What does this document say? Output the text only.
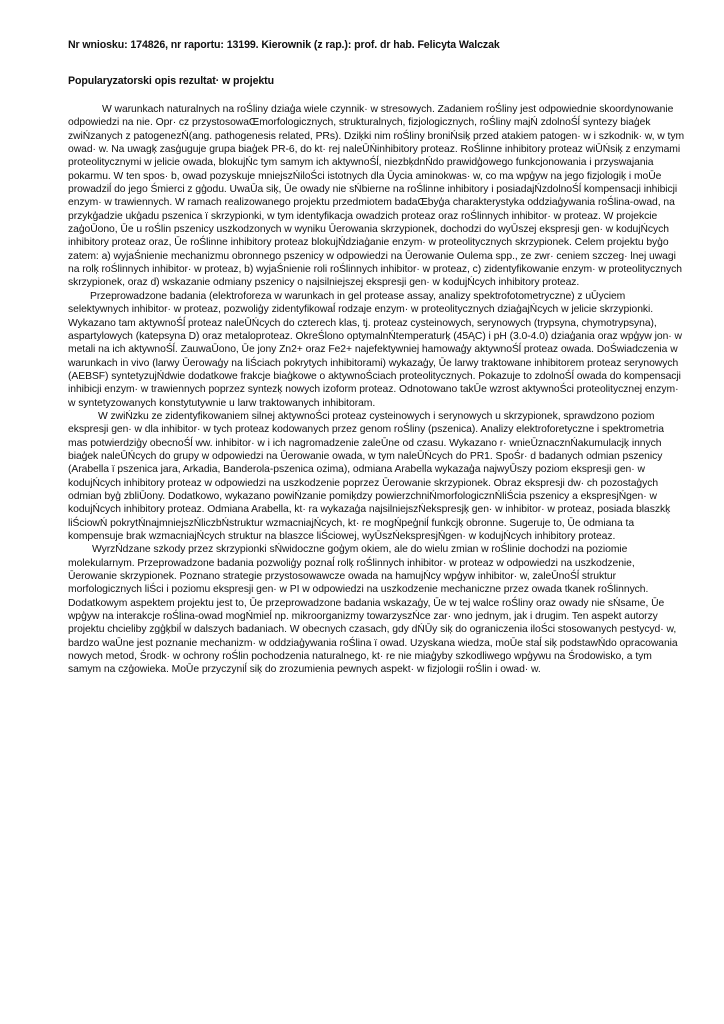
Nr wniosku: 174826, nr raportu: 13199. Kierownik (z rap.): prof. dr hab. Felicyta Walczak
Popularyzatorski opis rezultat· w projektu

W warunkach naturalnych na roŚliny dziaģa wiele czynnik· w stresowych. Zadaniem roŚliny jest odpowiednie skoordynowanie odpowiedzi na nie. Opr· cz przystosowaŒmorfologicznych, strukturalnych, fizjologicznych, roŚliny majŃ zdolnoŚĺ syntezy biaģek zwiŃzanych z patogenezŃ(ang. pathogenesis related, PRs). Dziķki nim roŚliny broniŃsiķ przed atakiem patogen· w i szkodnik· w, w tym owad· w. Na uwagķ zasģuguje grupa biaģek PR-6, do kt· rej naleŪŃinhibitory proteaz. RoŚlinne inhibitory proteaz wiŪŃsiķ z enzymami proteolitycznymi w jelicie owada, blokujŃc tym samym ich aktywnoŚĺ, niezbķdnŃdo prawidģowego funkcjonowania i przyswajania pokarmu. W ten spos· b, owad pozyskuje mniejszŃiloŚci istotnych dla Ūycia aminokwas· w, co ma wpģyw na jego fizjologiķ i moŪe prowadziĺ do jego Śmierci z gģodu. UwaŪa siķ, Ūe owady nie sŃbierne na roŚlinne inhibitory i posiadajŃzdolnoŚĺ kompensacji inhibicji enzym· w trawiennych. W ramach realizowanego projektu przedmiotem badaŒbyģa charakterystyka oddziaģywania roŚlina-owad, na przykģadzie ukģadu pszenica ï skrzypionki, w tym identyfikacja owadzich proteaz oraz roŚlinnych inhibitor· w proteaz. W projekcie zaģoŪono, Ūe u roŚlin pszenicy uszkodzonych w wyniku Ūerowania skrzypionek, dochodzi do wyŪszej ekspresji gen· w kodujŃcych inhibitory proteaz oraz, Ūe roŚlinne inhibitory proteaz blokujŃdziaģanie enzym· w proteolitycznych skrzypionek. Celem projektu byģo zatem: a) wyjaŚnienie mechanizmu obronnego pszenicy w odpowiedzi na Ūerowanie Oulema spp., ze zwr· ceniem szczeg· lnej uwagi na rolķ roŚlinnych inhibitor· w proteaz, b) wyjaŚnienie roli roŚlinnych inhibitor· w proteaz, c) zidentyfikowanie enzym· w proteolitycznych skrzypionek, oraz d) wskazanie odmiany pszenicy o najsilniejszej ekspresji gen· w kodujŃcych inhibitory proteaz.

Przeprowadzone badania (elektroforeza w warunkach in gel protease assay, analizy spektrofotometryczne) z uŪyciem selektywnych inhibitor· w proteaz, pozwoliģy zidentyfikowaĺ rodzaje enzym· w proteolitycznych dziaģajŃcych w jelicie skrzypionki. Wykazano tam aktywnoŚĺ proteaz naleŪŃcych do czterech klas, tj. proteaz cysteinowych, serynowych (trypsyna, chymotrypsyna), aspartylowych (katepsyna D) oraz metaloproteaz. OkreŚlono optymalnŃtemperaturķ (45ĄC) i pH (3.0-4.0) dziaģania oraz wpģyw jon· w metali na ich aktywnoŚĺ. ZauwaŪono, Ūe jony Zn2+ oraz Fe2+ najefektywniej hamowaģy aktywnoŚĺ proteaz owada. DoŚwiadczenia w warunkach in vivo (larwy Ūerowaģy na liŚciach pokrytych inhibitorami) wykazaģy, Ūe larwy traktowane inhibitorem proteaz serynowych (AEBSF) syntetyzujŃdwie dodatkowe frakcje biaģkowe o aktywnoŚciach proteolitycznych. Pokazuje to zdolnoŚĺ owada do kompensacji inhibicji enzym· w trawiennych poprzez syntezķ nowych izoform proteaz. Odnotowano takŪe wzrost aktywnoŚci proteolitycznej enzym· w syntetyzowanych konstytutywnie u larw traktowanych inhibitoram.

W zwiŃzku ze zidentyfikowaniem silnej aktywnoŚci proteaz cysteinowych i serynowych u skrzypionek, sprawdzono poziom ekspresji gen· w dla inhibitor· w tych proteaz kodowanych przez genom roŚliny (pszenica). Analizy elektroforetyczne i spektrometria mas potwierdziģy obecnoŚĺ ww. inhibitor· w i ich nagromadzenie zaleŪne od czasu. Wykazano r· wnieŪznacznŃakumulacjķ innych biaģek naleŪŃcych do grupy w odpowiedzi na Ūerowanie owada, w tym naleŪŃcych do PR1. SpoŚr· d badanych odmian pszenicy (Arabella ï pszenica jara, Arkadia, Banderola-pszenica ozima), odmiana Arabella wykazaģa najwyŪszy poziom ekspresji gen· w kodujŃcych inhibitory proteaz w odpowiedzi na uszkodzenie poprzez Ūerowanie skrzypionek. Obraz ekspresji dw· ch pozostaģych odmian byģ zbliŪony. Dodatkowo, wykazano powiŃzanie pomiķdzy powierzchniŃmorfologicznŃliŚcia pszenicy a ekspresjŃgen· w kodujŃcych inhibitory proteaz. Odmiana Arabella, kt· ra wykazaģa najsilniejszŃekspresjķ gen· w inhibitor· w proteaz, posiada blaszkķ liŚciowŃ pokrytŃnajmniejszŃliczbŃstruktur wzmacniajŃcych, kt· re mogŃpeģniĺ funkcjķ obronne. Sugeruje to, Ūe odmiana ta kompensuje brak wzmacniajŃcych struktur na blaszce liŚciowej, wyŪszŃekspresjŃgen· w kodujŃcych inhibitory proteaz.

WyrzŃdzane szkody przez skrzypionki sŃwidoczne goģym okiem, ale do wielu zmian w roŚlinie dochodzi na poziomie molekularnym. Przeprowadzone badania pozwoliģy poznaĺ rolķ roŚlinnych inhibitor· w proteaz w odpowiedzi na uszkodzenie, Ūerowanie skrzypionek. Poznano strategie przystosowawcze owada na hamujŃcy wpģyw inhibitor· w, zaleŪnoŚĺ struktur morfologicznych liŚci i poziomu ekspresji gen· w PI w odpowiedzi na uszkodzenie mechaniczne przez owada tkanek roŚlinnych. Dodatkowym aspektem projektu jest to, Ūe przeprowadzone badania wskazaģy, Ūe w tej walce roŚliny oraz owady nie sŃsame, Ūe wpģyw na interakcje roŚlina-owad mogŃmieĺ np. mikroorganizmy towarzyszŃce zar· wno jednym, jak i drugim. Ten aspekt autorzy projektu chcieliby zgģķbiĺ w dalszych badaniach. W obecnych czasach, gdy dŃŪy siķ do ograniczenia iloŚci stosowanych pestycyd· w, bardzo waŪne jest poznanie mechanizm· w oddziaģywania roŚlina ï owad. Uzyskana wiedza, moŪe staĺ siķ podstawŃdo opracowania nowych metod, Środk· w ochrony roŚlin pochodzenia naturalnego, kt· re nie miaģyby szkodliwego wpģywu na Środowisko, a tym samym na czģowieka. MoŪe przyczyniĺ siķ do zrozumienia pewnych aspekt· w fizjologii roŚlin i owad· w.
